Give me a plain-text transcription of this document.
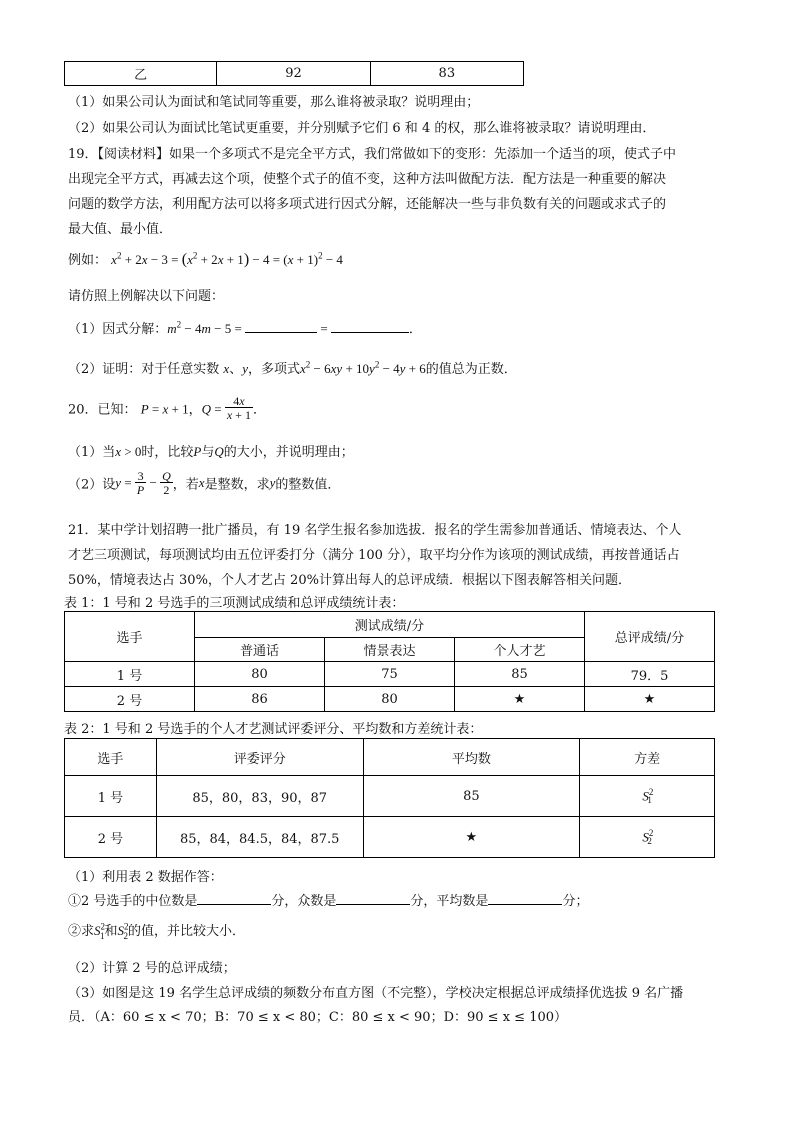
乙	92	83
（1）如果公司认为面试和笔试同等重要，那么谁将被录取？说明理由；
（2）如果公司认为面试比笔试更重要，并分别赋予它们 6 和 4 的权，那么谁将被录取？请说明理由．
19．【阅读材料】如果一个多项式不是完全平方式，我们常做如下的变形：先添加一个适当的项，使式子中
出现完全平方式，再减去这个项，使整个式子的值不变，这种方法叫做配方法．配方法是一种重要的解决
问题的数学方法，利用配方法可以将多项式进行因式分解，还能解决一些与非负数有关的问题或求式子的
最大值、最小值．
例如： $x^2 + 2x - 3 = (x^2 + 2x + 1) - 4 = (x + 1)^2 - 4$
请仿照上例解决以下问题：
（1）因式分解：$m^2 - 4m - 5$ =	=	．
（2）证明：对于任意实数 x、y，多项式$x^2 - 6xy + 10y^2 - 4y + 6$的值总为正数．
20．已知： P = x + 1，$Q = \frac{4x}{x + 1}$ ．
（1）当x > 0时，比较P与Q的大小，并说明理由；
（2）设$y = \frac{3}{P} - \frac{Q}{2}$ ，若x是整数，求y的整数值．
21．某中学计划招聘一批广播员，有 19 名学生报名参加选拔．报名的学生需参加普通话、情境表达、个人
才艺三项测试，每项测试均由五位评委打分（满分 100 分），取平均分作为该项的测试成绩，再按普通话占
50%，情境表达占 30%，个人才艺占 20%计算出每人的总评成绩．根据以下图表解答相关问题．
表 1：1 号和 2 号选手的三项测试成绩和总评成绩统计表：
选手	测试成绩/分			总评成绩/分
	普通话	情景表达	个人才艺	
1 号	80	75	85	79．5
2 号	86	80	★	★
表 2：1 号和 2 号选手的个人才艺测试评委评分、平均数和方差统计表：
选手	评委评分	平均数	方差
1 号	85，80，83，90，87	85	$S^2_1$
2 号	85，84，84.5，84，87.5	★	$S^2_2$
（1）利用表 2 数据作答：
①2 号选手的中位数是	分，众数是	分，平均数是	分；
②求$S^2_1$和$S^2_2$的值，并比较大小．
（2）计算 2 号的总评成绩；
（3）如图是这 19 名学生总评成绩的频数分布直方图（不完整），学校决定根据总评成绩择优选拔 9 名广播
员．（A：60 ≤ x < 70；B：70 ≤ x < 80；C：80 ≤ x < 90；D：90 ≤ x ≤ 100）
